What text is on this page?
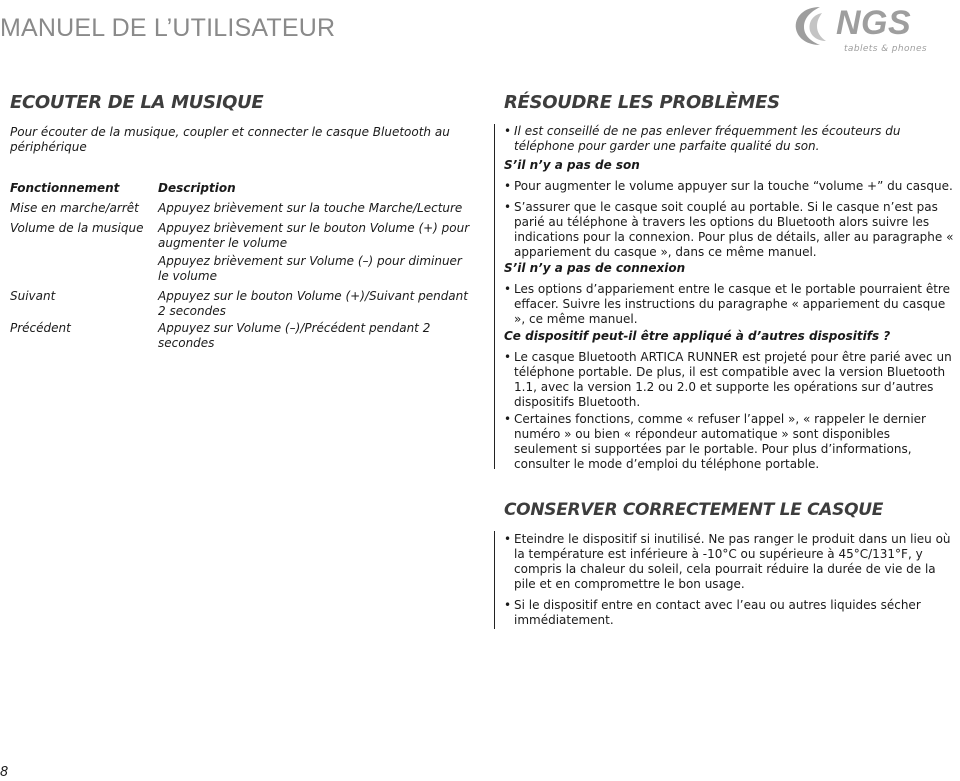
MANUEL DE L’UTILISATEUR	NGS
tablets & phones
ECOUTER DE LA MUSIQUE

Pour écouter de la musique, coupler et connecter le casque Bluetooth au périphérique

Fonctionnement	Description
Mise en marche/arrêt	Appuyez brièvement sur la touche Marche/Lecture
Volume de la musique	Appuyez brièvement sur le bouton Volume (+) pour augmenter le volume
Appuyez brièvement sur Volume (–) pour diminuer le volume
Suivant	Appuyez sur le bouton Volume (+)/Suivant pendant 2 secondes
Précédent	Appuyez sur Volume (–)/Précédent pendant 2 secondes
RÉSOUDRE LES PROBLÈMES
• Il est conseillé de ne pas enlever fréquemment les écouteurs du téléphone pour garder une parfaite qualité du son.
S’il n’y a pas de son
• Pour augmenter le volume appuyer sur la touche “volume +” du casque.
• S’assurer que le casque soit couplé au portable. Si le casque n’est pas parié au téléphone à travers les options du Bluetooth alors suivre les indications pour la connexion. Pour plus de détails, aller au paragraphe « appariement du casque », dans ce même manuel.
S’il n’y a pas de connexion
• Les options d’appariement entre le casque et le portable pourraient être effacer. Suivre les instructions du paragraphe « appariement du casque », ce même manuel.
Ce dispositif peut-il être appliqué à d’autres dispositifs ?
• Le casque Bluetooth ARTICA RUNNER est projeté pour être parié avec un téléphone portable. De plus, il est compatible avec la version Bluetooth 1.1, avec la version 1.2 ou 2.0 et supporte les opérations sur d’autres dispositifs Bluetooth.
• Certaines fonctions, comme « refuser l’appel », « rappeler le dernier numéro » ou bien « répondeur automatique » sont disponibles seulement si supportées par le portable. Pour plus d’informations, consulter le mode d’emploi du téléphone portable.
CONSERVER CORRECTEMENT LE CASQUE
• Eteindre le dispositif si inutilisé. Ne pas ranger le produit dans un lieu où la température est inférieure à -10°C ou supérieure à 45°C/131°F, y compris la chaleur du soleil, cela pourrait réduire la durée de vie de la pile et en compromettre le bon usage.
• Si le dispositif entre en contact avec l’eau ou autres liquides sécher immédiatement.
8
